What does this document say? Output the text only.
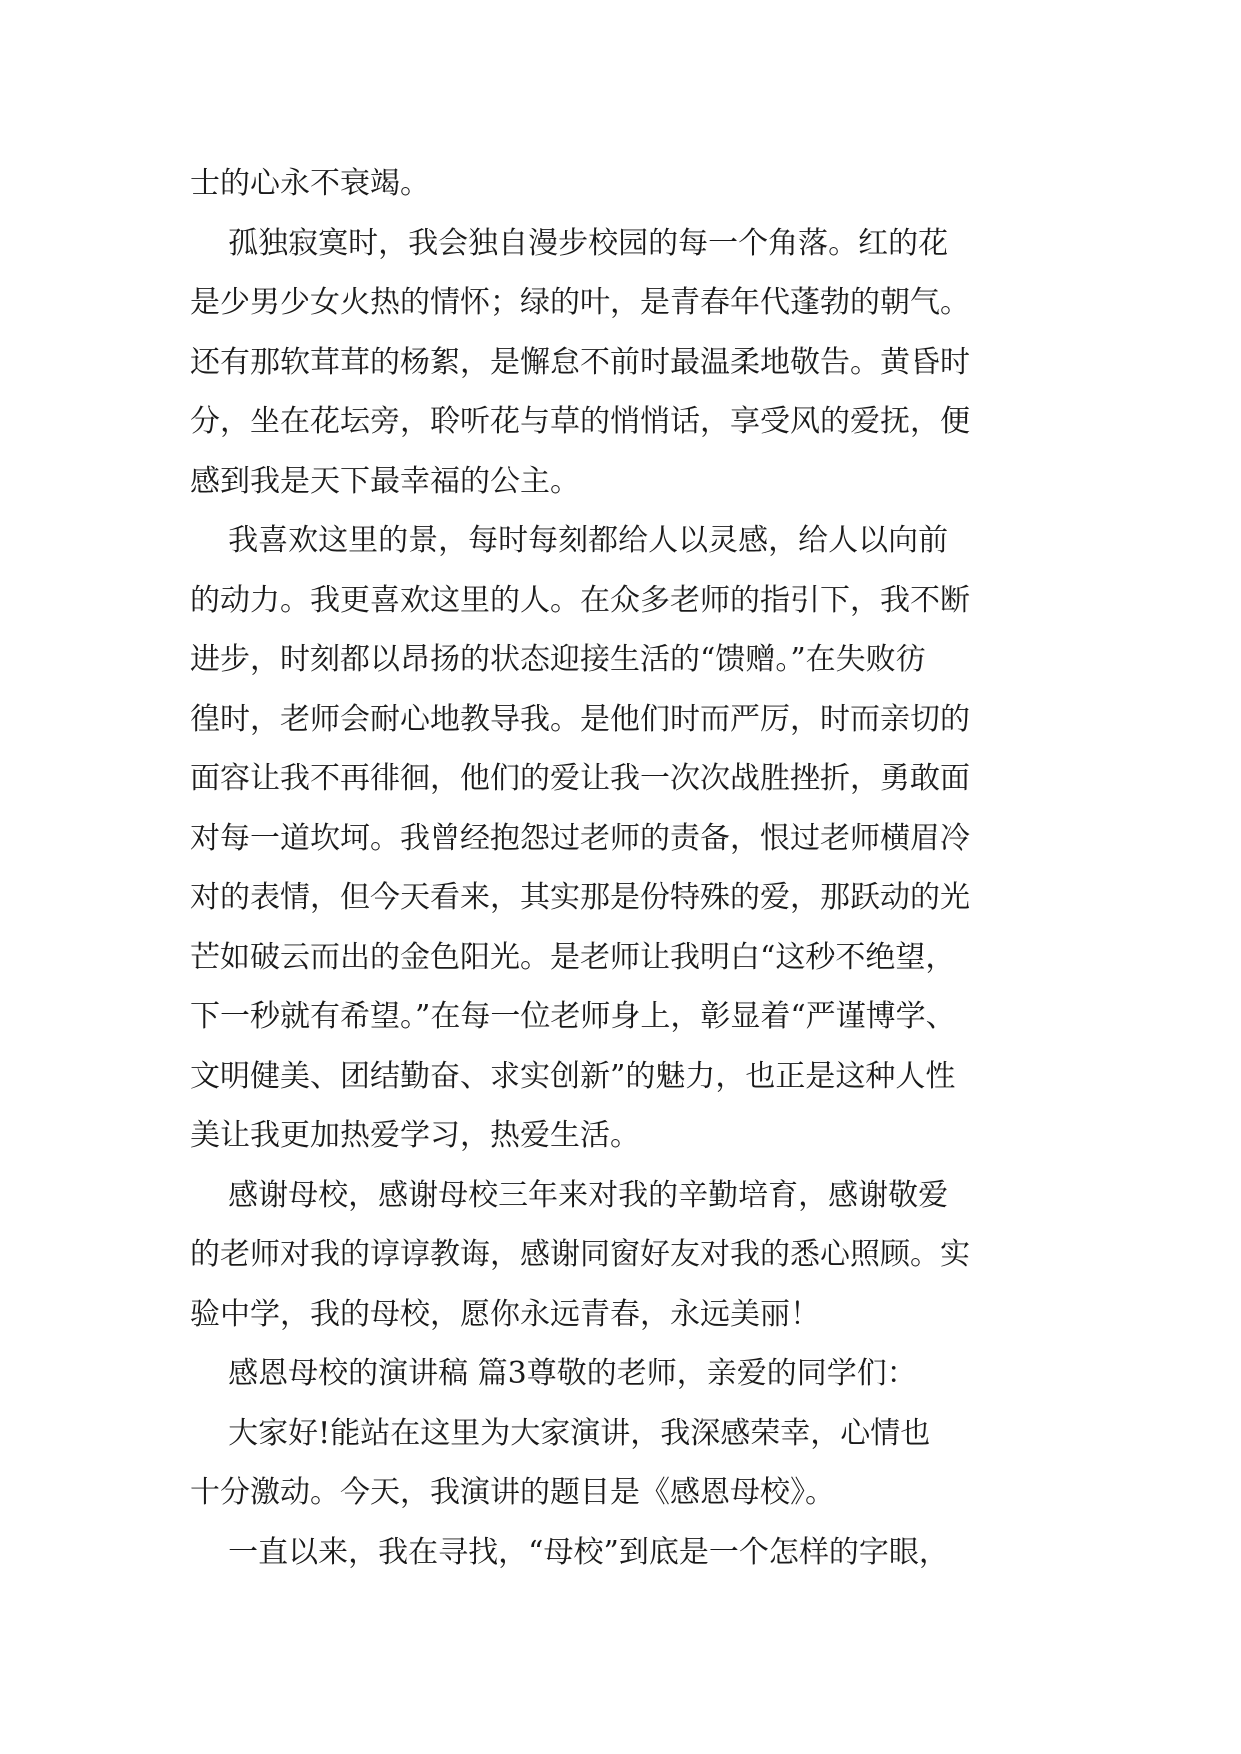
士的心永不衰竭。
孤独寂寞时，我会独自漫步校园的每一个角落。红的花
是少男少女火热的情怀；绿的叶，是青春年代蓬勃的朝气。
还有那软茸茸的杨絮，是懈怠不前时最温柔地敬告。黄昏时
分，坐在花坛旁，聆听花与草的悄悄话，享受风的爱抚，便
感到我是天下最幸福的公主。
我喜欢这里的景，每时每刻都给人以灵感，给人以向前
的动力。我更喜欢这里的人。在众多老师的指引下，我不断
进步，时刻都以昂扬的状态迎接生活的“馈赠。”在失败彷
徨时，老师会耐心地教导我。是他们时而严厉，时而亲切的
面容让我不再徘徊，他们的爱让我一次次战胜挫折，勇敢面
对每一道坎坷。我曾经抱怨过老师的责备，恨过老师横眉冷
对的表情，但今天看来，其实那是份特殊的爱，那跃动的光
芒如破云而出的金色阳光。是老师让我明白“这秒不绝望，
下一秒就有希望。”在每一位老师身上，彰显着“严谨博学、
文明健美、团结勤奋、求实创新”的魅力，也正是这种人性
美让我更加热爱学习，热爱生活。
感谢母校，感谢母校三年来对我的辛勤培育，感谢敬爱
的老师对我的谆谆教诲，感谢同窗好友对我的悉心照顾。实
验中学，我的母校，愿你永远青春，永远美丽！
感恩母校的演讲稿 篇3尊敬的老师，亲爱的同学们：
大家好!能站在这里为大家演讲，我深感荣幸，心情也
十分激动。今天，我演讲的题目是《感恩母校》。
一直以来，我在寻找，“母校”到底是一个怎样的字眼，
